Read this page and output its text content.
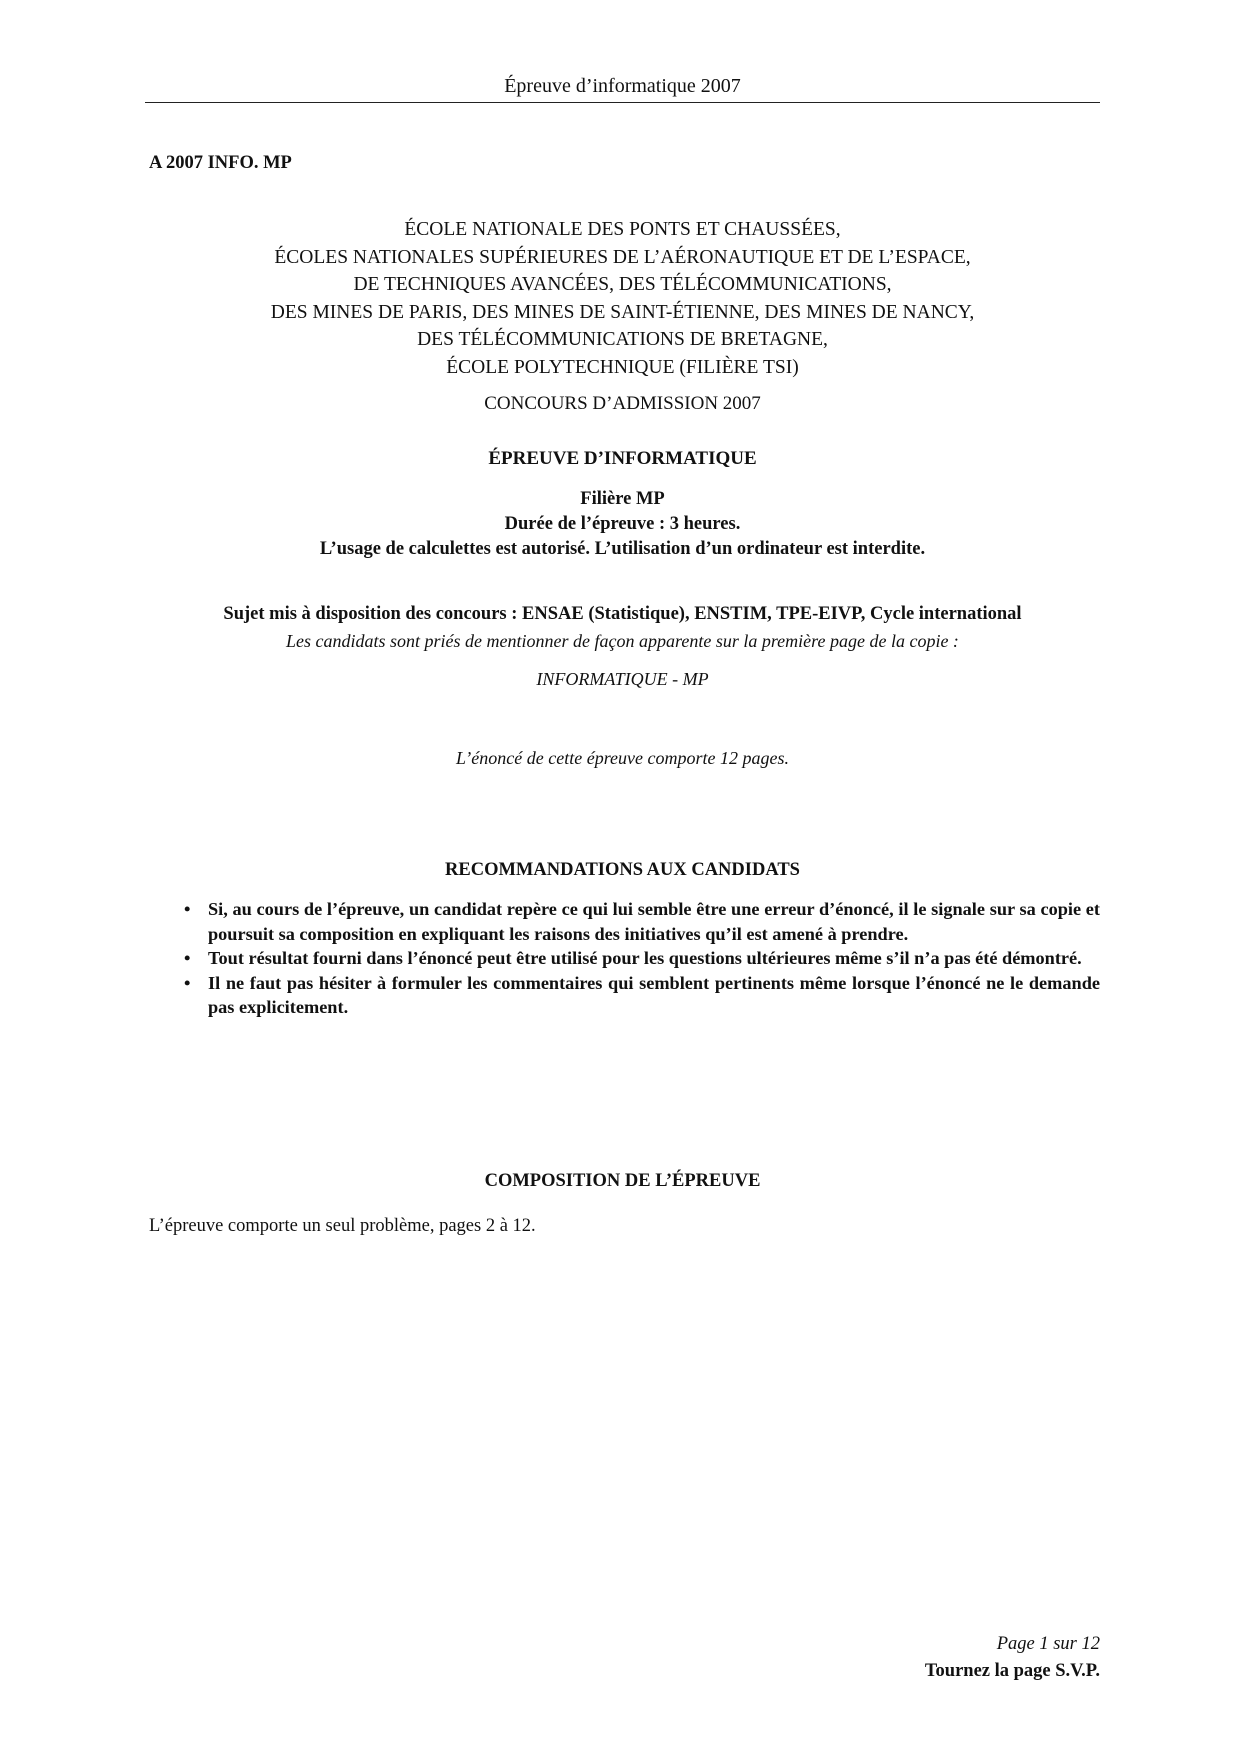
Épreuve d’informatique 2007
A 2007 INFO. MP
ÉCOLE NATIONALE DES PONTS ET CHAUSSÉES,
ÉCOLES NATIONALES SUPÉRIEURES DE L’AÉRONAUTIQUE ET DE L’ESPACE,
DE TECHNIQUES AVANCÉES, DES TÉLÉCOMMUNICATIONS,
DES MINES DE PARIS, DES MINES DE SAINT-ÉTIENNE, DES MINES DE NANCY,
DES TÉLÉCOMMUNICATIONS DE BRETAGNE,
ÉCOLE POLYTECHNIQUE (FILIÈRE TSI)
CONCOURS D’ADMISSION 2007
ÉPREUVE D’INFORMATIQUE
Filière MP
Durée de l’épreuve : 3 heures.
L’usage de calculettes est autorisé. L’utilisation d’un ordinateur est interdite.
Sujet mis à disposition des concours : ENSAE (Statistique), ENSTIM, TPE-EIVP, Cycle international
Les candidats sont priés de mentionner de façon apparente sur la première page de la copie :
INFORMATIQUE - MP
L’énoncé de cette épreuve comporte 12 pages.
RECOMMANDATIONS AUX CANDIDATS
• Si, au cours de l’épreuve, un candidat repère ce qui lui semble être une erreur d’énoncé, il le signale sur sa copie et poursuit sa composition en expliquant les raisons des initiatives qu’il est amené à prendre.
• Tout résultat fourni dans l’énoncé peut être utilisé pour les questions ultérieures même s’il n’a pas été démontré.
• Il ne faut pas hésiter à formuler les commentaires qui semblent pertinents même lorsque l’énoncé ne le demande pas explicitement.
COMPOSITION DE L’ÉPREUVE
L’épreuve comporte un seul problème, pages 2 à 12.
Page 1 sur 12
Tournez la page S.V.P.
